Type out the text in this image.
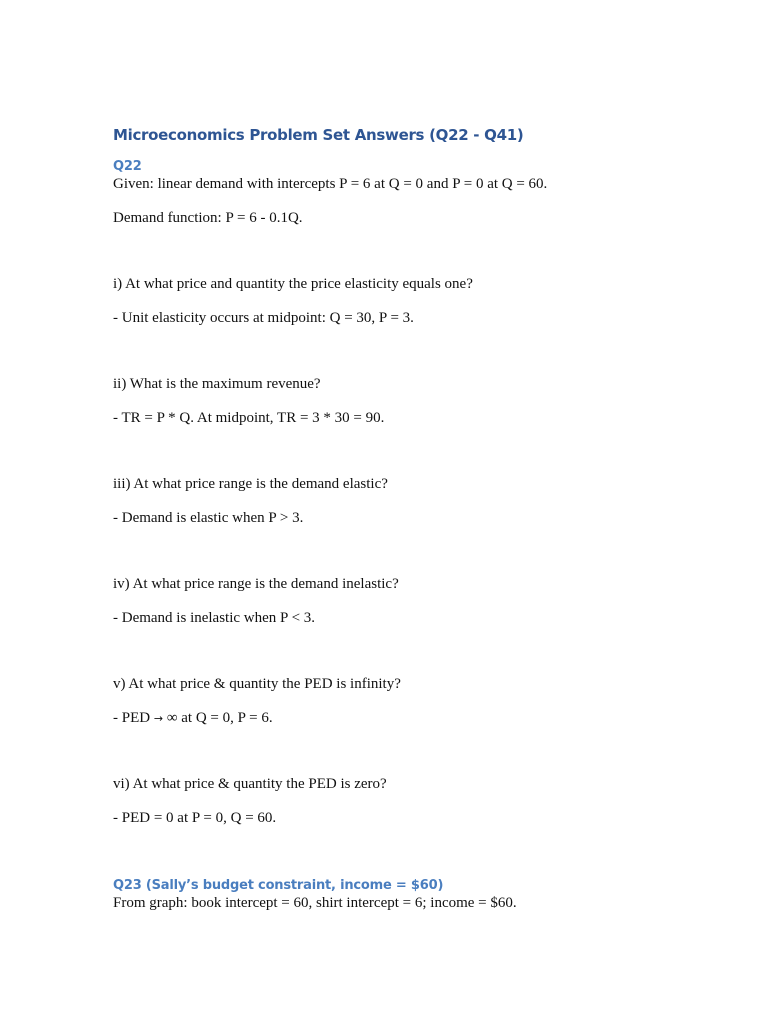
Microeconomics Problem Set Answers (Q22 - Q41)
Q22

Given: linear demand with intercepts P = 6 at Q = 0 and P = 0 at Q = 60.

Demand function: P = 6 - 0.1Q.

i) At what price and quantity the price elasticity equals one?

- Unit elasticity occurs at midpoint: Q = 30, P = 3.

ii) What is the maximum revenue?

- TR = P * Q. At midpoint, TR = 3 * 30 = 90.

iii) At what price range is the demand elastic?

- Demand is elastic when P > 3.

iv) At what price range is the demand inelastic?

- Demand is inelastic when P < 3.

v) At what price & quantity the PED is infinity?

- PED → ∞ at Q = 0, P = 6.

vi) At what price & quantity the PED is zero?

- PED = 0 at P = 0, Q = 60.

Q23 (Sally’s budget constraint, income = $60)

From graph: book intercept = 60, shirt intercept = 6; income = $60.
